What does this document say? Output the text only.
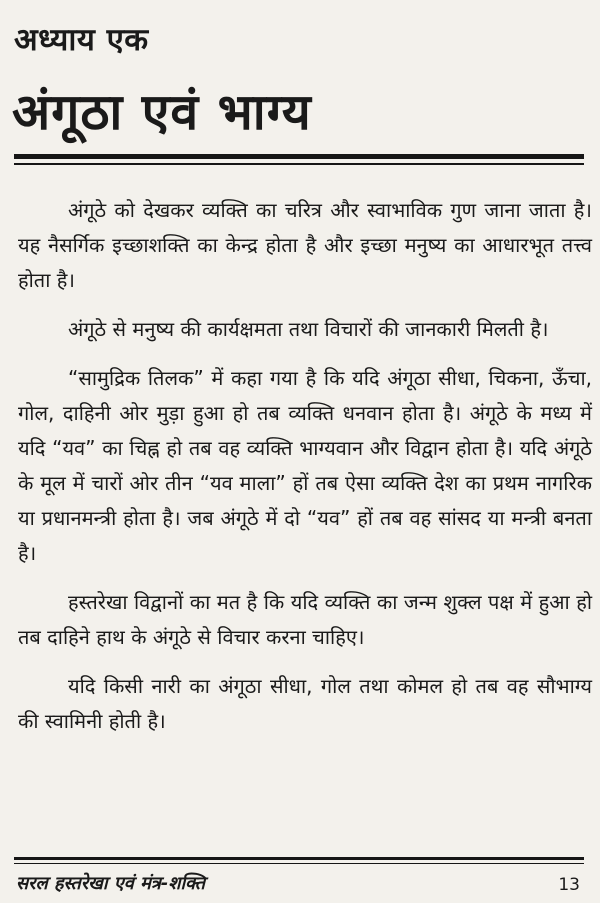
अध्याय एक
अंगूठा एवं भाग्य

अंगूठे को देखकर व्यक्ति का चरित्र और स्वाभाविक गुण जाना जाता है। यह नैसर्गिक इच्छाशक्ति का केन्द्र होता है और इच्छा मनुष्य का आधारभूत तत्त्व होता है।

अंगूठे से मनुष्य की कार्यक्षमता तथा विचारों की जानकारी मिलती है।

“सामुद्रिक तिलक” में कहा गया है कि यदि अंगूठा सीधा, चिकना, ऊँचा, गोल, दाहिनी ओर मुड़ा हुआ हो तब व्यक्ति धनवान होता है। अंगूठे के मध्य में यदि “यव” का चिह्न हो तब वह व्यक्ति भाग्यवान और विद्वान होता है। यदि अंगूठे के मूल में चारों ओर तीन “यव माला” हों तब ऐसा व्यक्ति देश का प्रथम नागरिक या प्रधानमन्त्री होता है। जब अंगूठे में दो “यव” हों तब वह सांसद या मन्त्री बनता है।

हस्तरेखा विद्वानों का मत है कि यदि व्यक्ति का जन्म शुक्ल पक्ष में हुआ हो तब दाहिने हाथ के अंगूठे से विचार करना चाहिए।

यदि किसी नारी का अंगूठा सीधा, गोल तथा कोमल हो तब वह सौभाग्य की स्वामिनी होती है।

सरल हस्तरेखा एवं मंत्र-शक्ति	13
